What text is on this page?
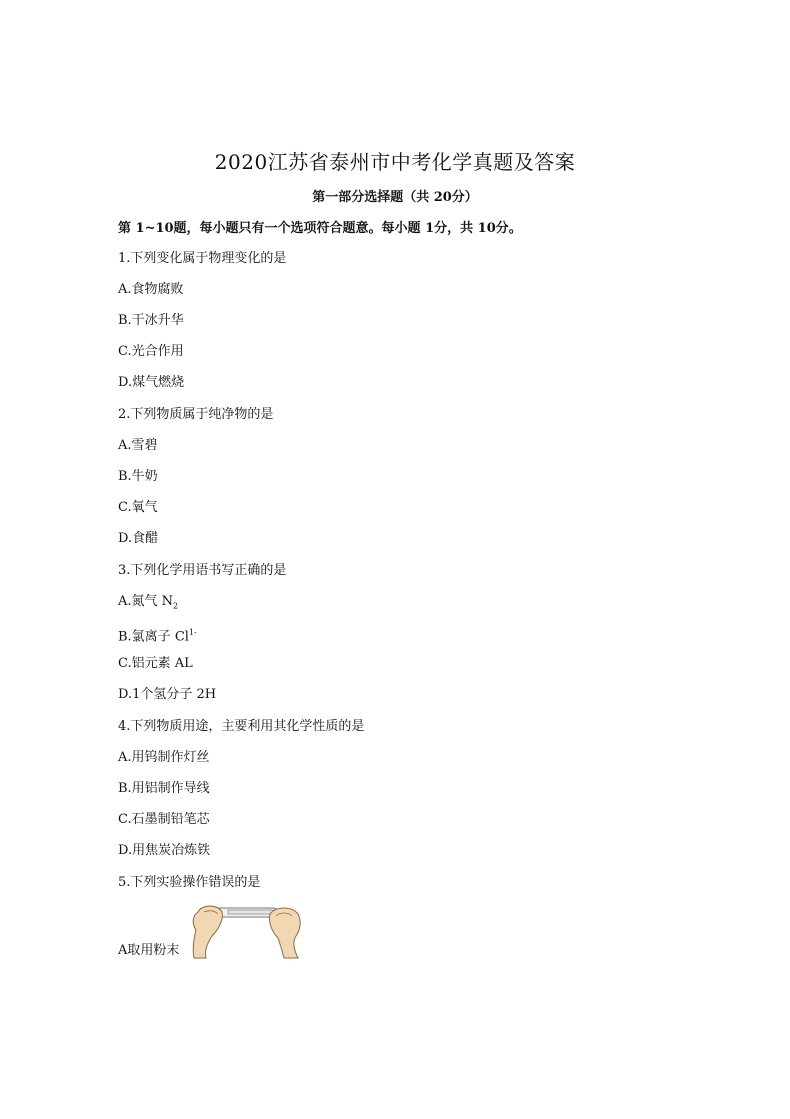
2020江苏省泰州市中考化学真题及答案
第一部分选择题（共 20分）
第 1~10题，每小题只有一个选项符合题意。每小题 1分，共 10分。
1.下列变化属于物理变化的是
A.食物腐败
B.干冰升华
C.光合作用
D.煤气燃烧
2.下列物质属于纯净物的是
A.雪碧
B.牛奶
C.氧气
D.食醋
3.下列化学用语书写正确的是
A.氮气 $N_2$
B.氯离子 $Cl^{1-}$
C.铝元素 AL
D.1个氢分子 2H
4.下列物质用途，主要利用其化学性质的是
A.用钨制作灯丝
B.用铝制作导线
C.石墨制铅笔芯
D.用焦炭冶炼铁
5.下列实验操作错误的是
A取用粉末
